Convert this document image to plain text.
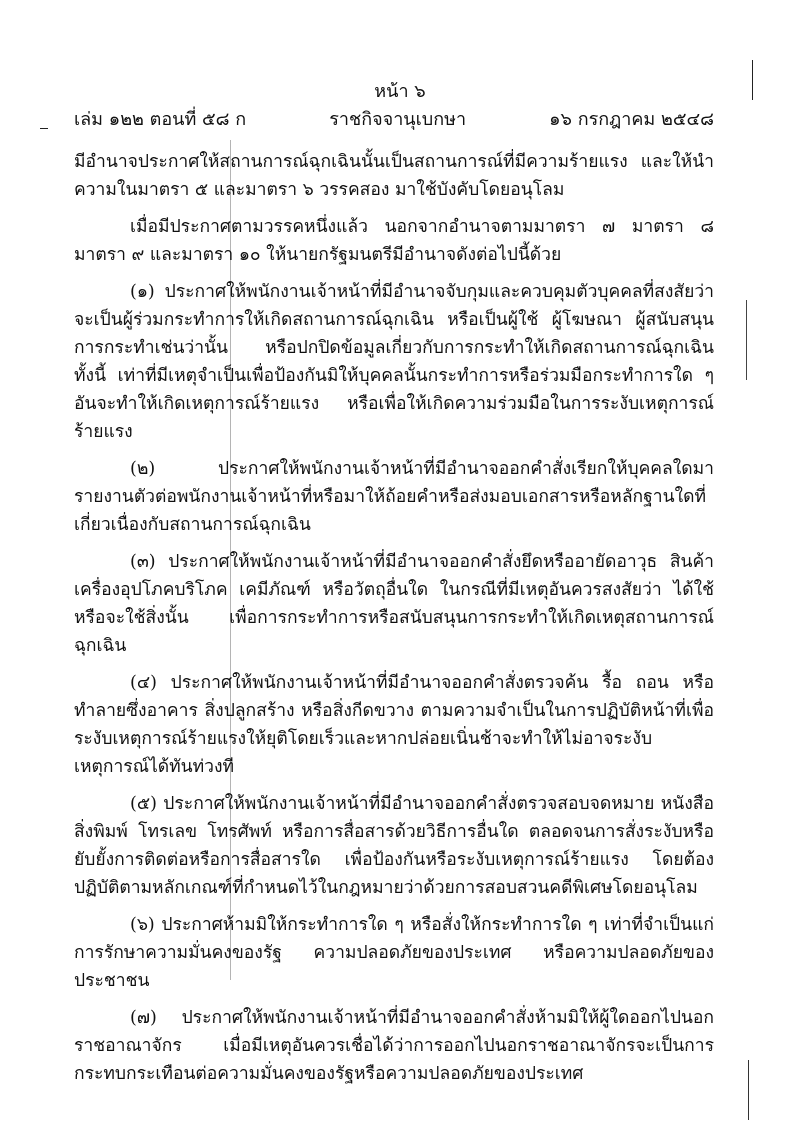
หน้า ๖
เล่ม ๑๒๒ ตอนที่ ๕๘ ก	ราชกิจจานุเบกษา	๑๖ กรกฎาคม ๒๕๔๘

มีอำนาจประกาศให้สถานการณ์ฉุกเฉินนั้นเป็นสถานการณ์ที่มีความร้ายแรง และให้นำความในมาตรา ๕ และมาตรา ๖ วรรคสอง มาใช้บังคับโดยอนุโลม

เมื่อมีประกาศตามวรรคหนึ่งแล้ว นอกจากอำนาจตามมาตรา ๗ มาตรา ๘ มาตรา ๙ และมาตรา ๑๐ ให้นายกรัฐมนตรีมีอำนาจดังต่อไปนี้ด้วย

(๑) ประกาศให้พนักงานเจ้าหน้าที่มีอำนาจจับกุมและควบคุมตัวบุคคลที่สงสัยว่าจะเป็นผู้ร่วมกระทำการให้เกิดสถานการณ์ฉุกเฉิน หรือเป็นผู้ใช้ ผู้โฆษณา ผู้สนับสนุนการกระทำเช่นว่านั้น หรือปกปิดข้อมูลเกี่ยวกับการกระทำให้เกิดสถานการณ์ฉุกเฉิน ทั้งนี้ เท่าที่มีเหตุจำเป็นเพื่อป้องกันมิให้บุคคลนั้นกระทำการหรือร่วมมือกระทำการใด ๆ อันจะทำให้เกิดเหตุการณ์ร้ายแรง หรือเพื่อให้เกิดความร่วมมือในการระงับเหตุการณ์ร้ายแรง

(๒) ประกาศให้พนักงานเจ้าหน้าที่มีอำนาจออกคำสั่งเรียกให้บุคคลใดมารายงานตัวต่อพนักงานเจ้าหน้าที่หรือมาให้ถ้อยคำหรือส่งมอบเอกสารหรือหลักฐานใดที่เกี่ยวเนื่องกับสถานการณ์ฉุกเฉิน

(๓) ประกาศให้พนักงานเจ้าหน้าที่มีอำนาจออกคำสั่งยึดหรืออายัดอาวุธ สินค้า เครื่องอุปโภคบริโภค เคมีภัณฑ์ หรือวัตถุอื่นใด ในกรณีที่มีเหตุอันควรสงสัยว่า ได้ใช้หรือจะใช้สิ่งนั้น เพื่อการกระทำการหรือสนับสนุนการกระทำให้เกิดเหตุสถานการณ์ฉุกเฉิน

(๔) ประกาศให้พนักงานเจ้าหน้าที่มีอำนาจออกคำสั่งตรวจค้น รื้อ ถอน หรือทำลายซึ่งอาคาร สิ่งปลูกสร้าง หรือสิ่งกีดขวาง ตามความจำเป็นในการปฏิบัติหน้าที่เพื่อระงับเหตุการณ์ร้ายแรงให้ยุติโดยเร็วและหากปล่อยเนิ่นช้าจะทำให้ไม่อาจระงับเหตุการณ์ได้ทันท่วงที

(๕) ประกาศให้พนักงานเจ้าหน้าที่มีอำนาจออกคำสั่งตรวจสอบจดหมาย หนังสือ สิ่งพิมพ์ โทรเลข โทรศัพท์ หรือการสื่อสารด้วยวิธีการอื่นใด ตลอดจนการสั่งระงับหรือยับยั้งการติดต่อหรือการสื่อสารใด เพื่อป้องกันหรือระงับเหตุการณ์ร้ายแรง โดยต้องปฏิบัติตามหลักเกณฑ์ที่กำหนดไว้ในกฎหมายว่าด้วยการสอบสวนคดีพิเศษโดยอนุโลม

(๖) ประกาศห้ามมิให้กระทำการใด ๆ หรือสั่งให้กระทำการใด ๆ เท่าที่จำเป็นแก่การรักษาความมั่นคงของรัฐ ความปลอดภัยของประเทศ หรือความปลอดภัยของประชาชน

(๗) ประกาศให้พนักงานเจ้าหน้าที่มีอำนาจออกคำสั่งห้ามมิให้ผู้ใดออกไปนอกราชอาณาจักร เมื่อมีเหตุอันควรเชื่อได้ว่าการออกไปนอกราชอาณาจักรจะเป็นการกระทบกระเทือนต่อความมั่นคงของรัฐหรือความปลอดภัยของประเทศ
